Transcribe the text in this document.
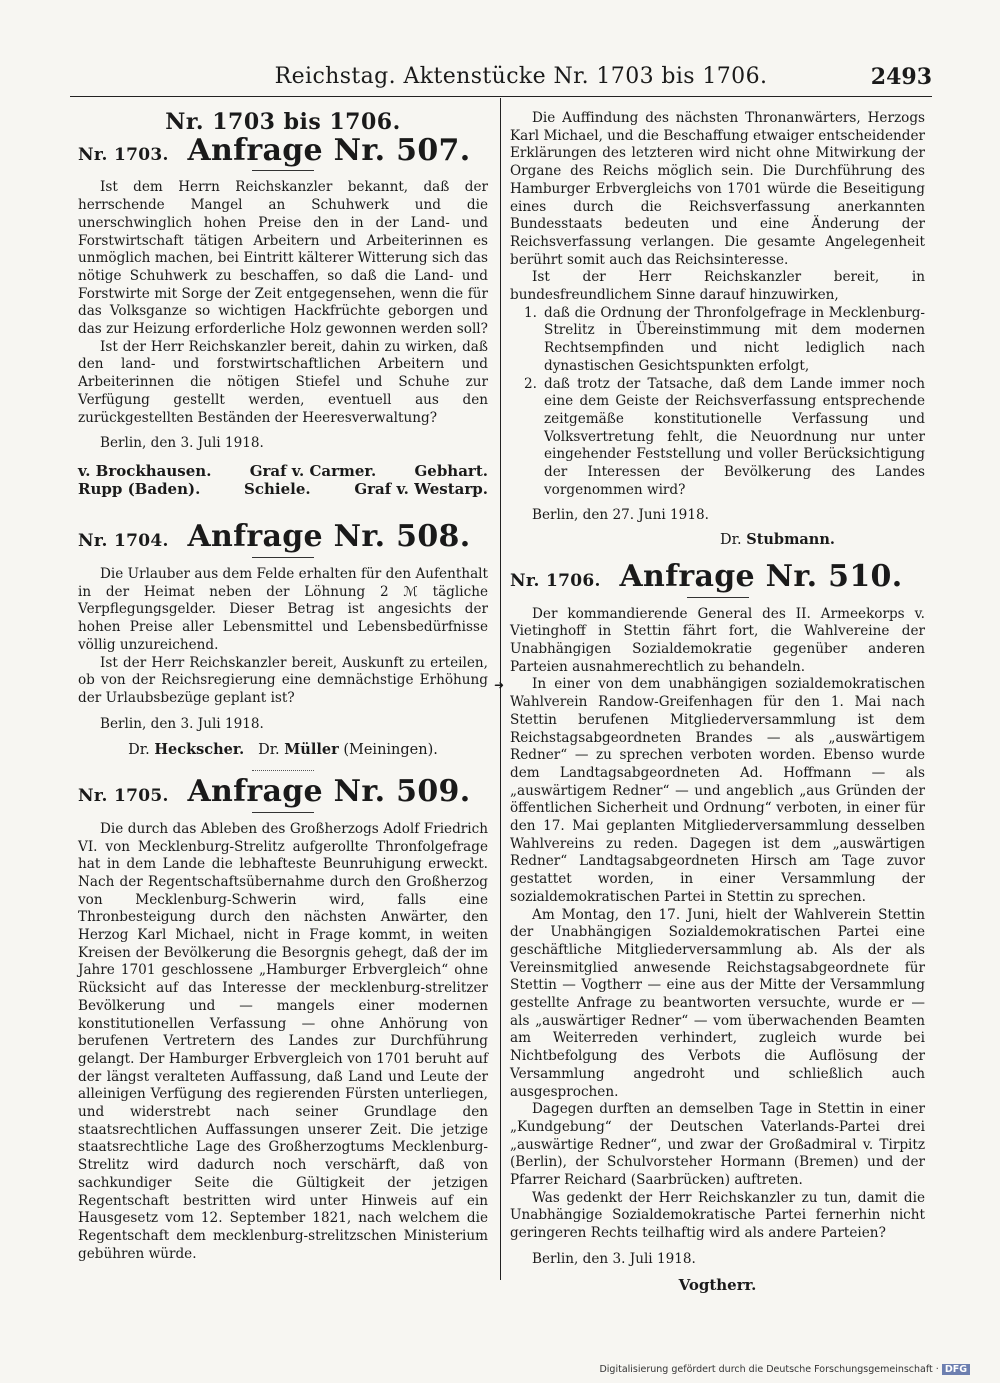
Reichstag. Aktenstücke Nr. 1703 bis 1706.	2493
➜
Nr. 1703 bis 1706.
Nr. 1703. Anfrage Nr. 507.

Ist dem Herrn Reichskanzler bekannt, daß der herrschende Mangel an Schuhwerk und die unerschwinglich hohen Preise den in der Land- und Forstwirtschaft tätigen Arbeitern und Arbeiterinnen es unmöglich machen, bei Eintritt kälterer Witterung sich das nötige Schuhwerk zu beschaffen, so daß die Land- und Forstwirte mit Sorge der Zeit entgegensehen, wenn die für das Volksganze so wichtigen Hackfrüchte geborgen und das zur Heizung erforderliche Holz gewonnen werden soll?

Ist der Herr Reichskanzler bereit, dahin zu wirken, daß den land- und forstwirtschaftlichen Arbeitern und Arbeiterinnen die nötigen Stiefel und Schuhe zur Verfügung gestellt werden, eventuell aus den zurückgestellten Beständen der Heeresverwaltung?

Berlin, den 3. Juli 1918.
v. Brockhausen.	Graf v. Carmer.	Gebhart.
Rupp (Baden).	Schiele.	Graf v. Westarp.
Nr. 1704. Anfrage Nr. 508.

Die Urlauber aus dem Felde erhalten für den Aufenthalt in der Heimat neben der Löhnung 2 ℳ tägliche Verpflegungsgelder. Dieser Betrag ist angesichts der hohen Preise aller Lebensmittel und Lebensbedürfnisse völlig unzureichend.

Ist der Herr Reichskanzler bereit, Auskunft zu erteilen, ob von der Reichsregierung eine demnächstige Erhöhung der Urlaubsbezüge geplant ist?

Berlin, den 3. Juli 1918.
Dr. Heckscher. Dr. Müller (Meiningen).
Nr. 1705. Anfrage Nr. 509.

Die durch das Ableben des Großherzogs Adolf Friedrich VI. von Mecklenburg-Strelitz aufgerollte Thronfolgefrage hat in dem Lande die lebhafteste Beunruhigung erweckt. Nach der Regentschaftsübernahme durch den Großherzog von Mecklenburg-Schwerin wird, falls eine Thronbesteigung durch den nächsten Anwärter, den Herzog Karl Michael, nicht in Frage kommt, in weiten Kreisen der Bevölkerung die Besorgnis gehegt, daß der im Jahre 1701 geschlossene „Hamburger Erbvergleich“ ohne Rücksicht auf das Interesse der mecklenburg-strelitzer Bevölkerung und — mangels einer modernen konstitutionellen Verfassung — ohne Anhörung von berufenen Vertretern des Landes zur Durchführung gelangt. Der Hamburger Erbvergleich von 1701 beruht auf der längst veralteten Auffassung, daß Land und Leute der alleinigen Verfügung des regierenden Fürsten unterliegen, und widerstrebt nach seiner Grundlage den staatsrechtlichen Auffassungen unserer Zeit. Die jetzige staatsrechtliche Lage des Großherzogtums Mecklenburg-Strelitz wird dadurch noch verschärft, daß von sachkundiger Seite die Gültigkeit der jetzigen Regentschaft bestritten wird unter Hinweis auf ein Hausgesetz vom 12. September 1821, nach welchem die Regentschaft dem mecklenburg-strelitzschen Ministerium gebühren würde.

Die Auffindung des nächsten Thronanwärters, Herzogs Karl Michael, und die Beschaffung etwaiger entscheidender Erklärungen des letzteren wird nicht ohne Mitwirkung der Organe des Reichs möglich sein. Die Durchführung des Hamburger Erbvergleichs von 1701 würde die Beseitigung eines durch die Reichsverfassung anerkannten Bundesstaats bedeuten und eine Änderung der Reichsverfassung verlangen. Die gesamte Angelegenheit berührt somit auch das Reichsinteresse.

Ist der Herr Reichskanzler bereit, in bundesfreundlichem Sinne darauf hinzuwirken,

1. daß die Ordnung der Thronfolgefrage in Mecklenburg-Strelitz in Übereinstimmung mit dem modernen Rechtsempfinden und nicht lediglich nach dynastischen Gesichtspunkten erfolgt,
2. daß trotz der Tatsache, daß dem Lande immer noch eine dem Geiste der Reichsverfassung entsprechende zeitgemäße konstitutionelle Verfassung und Volksvertretung fehlt, die Neuordnung nur unter eingehender Feststellung und voller Berücksichtigung der Interessen der Bevölkerung des Landes vorgenommen wird?
Berlin, den 27. Juni 1918.
Dr. Stubmann.
Nr. 1706. Anfrage Nr. 510.

Der kommandierende General des II. Armeekorps v. Vietinghoff in Stettin fährt fort, die Wahlvereine der Unabhängigen Sozialdemokratie gegenüber anderen Parteien ausnahmerechtlich zu behandeln.

In einer von dem unabhängigen sozialdemokratischen Wahlverein Randow-Greifenhagen für den 1. Mai nach Stettin berufenen Mitgliederversammlung ist dem Reichstagsabgeordneten Brandes — als „auswärtigem Redner“ — zu sprechen verboten worden. Ebenso wurde dem Landtagsabgeordneten Ad. Hoffmann — als „auswärtigem Redner“ — und angeblich „aus Gründen der öffentlichen Sicherheit und Ordnung“ verboten, in einer für den 17. Mai geplanten Mitgliederversammlung desselben Wahlvereins zu reden. Dagegen ist dem „auswärtigen Redner“ Landtagsabgeordneten Hirsch am Tage zuvor gestattet worden, in einer Versammlung der sozialdemokratischen Partei in Stettin zu sprechen.

Am Montag, den 17. Juni, hielt der Wahlverein Stettin der Unabhängigen Sozialdemokratischen Partei eine geschäftliche Mitgliederversammlung ab. Als der als Vereinsmitglied anwesende Reichstagsabgeordnete für Stettin — Vogtherr — eine aus der Mitte der Versammlung gestellte Anfrage zu beantworten versuchte, wurde er — als „auswärtiger Redner“ — vom überwachenden Beamten am Weiterreden verhindert, zugleich wurde bei Nichtbefolgung des Verbots die Auflösung der Versammlung angedroht und schließlich auch ausgesprochen.

Dagegen durften an demselben Tage in Stettin in einer „Kundgebung“ der Deutschen Vaterlands-Partei drei „auswärtige Redner“, und zwar der Großadmiral v. Tirpitz (Berlin), der Schulvorsteher Hormann (Bremen) und der Pfarrer Reichard (Saarbrücken) auftreten.

Was gedenkt der Herr Reichskanzler zu tun, damit die Unabhängige Sozialdemokratische Partei fernerhin nicht geringeren Rechts teilhaftig wird als andere Parteien?

Berlin, den 3. Juli 1918.
Vogtherr.
Digitalisierung gefördert durch die Deutsche Forschungsgemeinschaft · DFG
